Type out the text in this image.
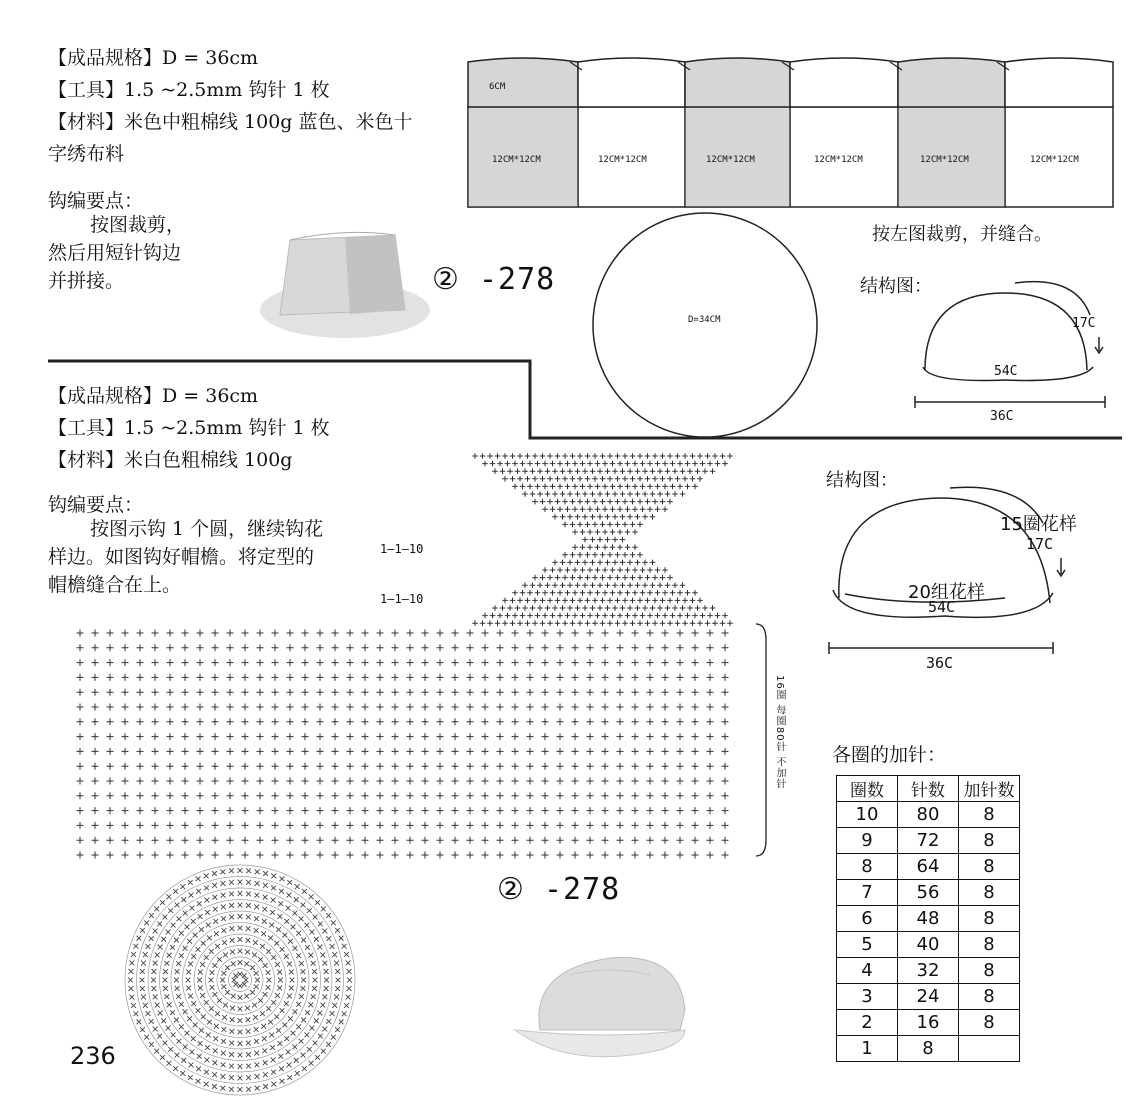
【成品规格】D = 36cm
【工具】1.5 ~2.5mm 钩针 1 枚
【材料】米色中粗棉线 100g 蓝色、米色十
字绣布料
钩编要点：
按图裁剪，
然后用短针钩边
并拼接。	② -278
6CM
12CM*12CM	12CM*12CM	12CM*12CM	12CM*12CM	12CM*12CM	12CM*12CM
D=34CM
按左图裁剪，并缝合。
结构图：
17C
54C
36C
【成品规格】D = 36cm
【工具】1.5 ~2.5mm 钩针 1 枚
【材料】米白色粗棉线 100g
钩编要点：
按图示钩 1 个圆，继续钩花
样边。如图钩好帽檐。将定型的
帽檐缝合在上。
1—1—10
1—1—10
16圈 每圈80针 不加针
② -278
236
结构图：
15圈花样
17C
20组花样
54C
36C
各圈的加针：
圈数	针数	加针数
10	80	8
9	72	8
8	64	8
7	56	8
6	48	8
5	40	8
4	32	8
3	24	8
2	16	8
1	8	
